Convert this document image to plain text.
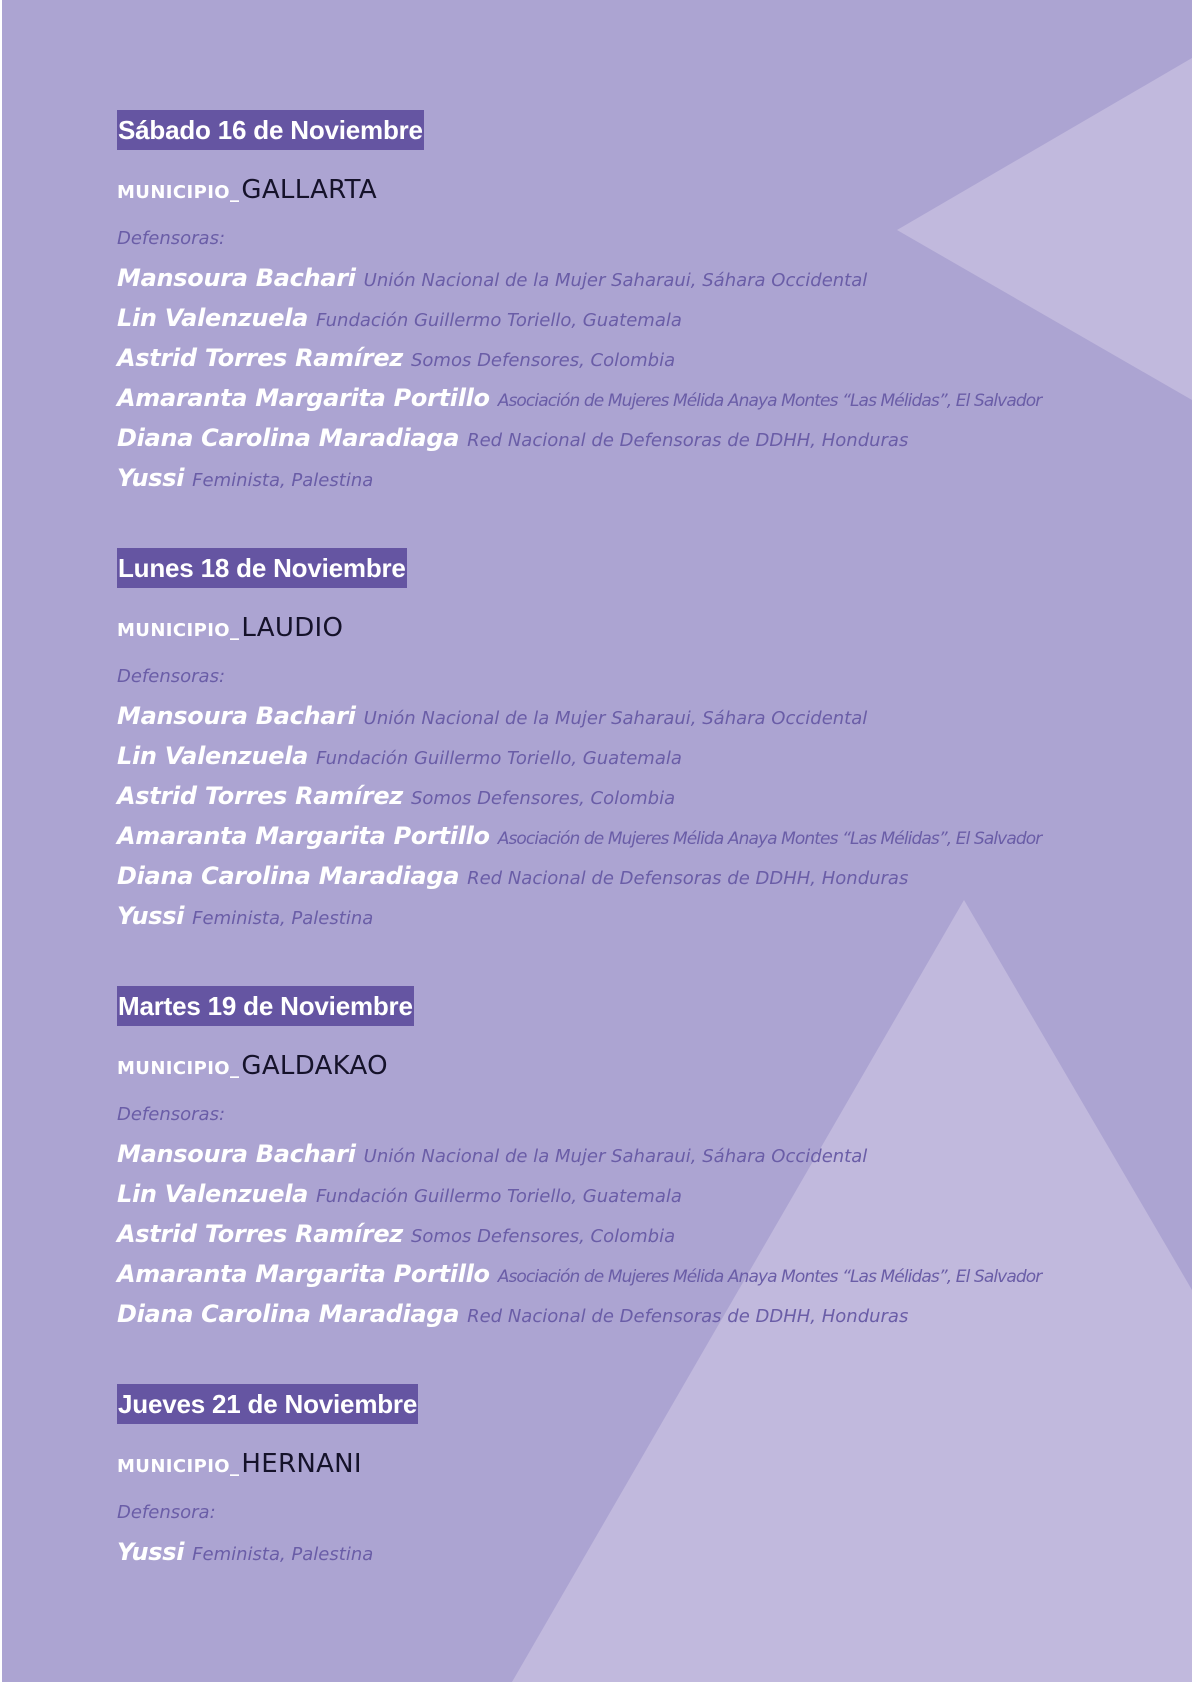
Sábado 16 de Noviembre
MUNICIPIO_GALLARTA
Defensoras:
Mansoura Bachari Unión Nacional de la Mujer Saharaui, Sáhara Occidental
Lin Valenzuela Fundación Guillermo Toriello, Guatemala
Astrid Torres Ramírez Somos Defensores, Colombia
Amaranta Margarita Portillo Asociación de Mujeres Mélida Anaya Montes “Las Mélidas”, El Salvador
Diana Carolina Maradiaga Red Nacional de Defensoras de DDHH, Honduras
Yussi Feminista, Palestina
Lunes 18 de Noviembre
MUNICIPIO_LAUDIO
Defensoras:
Mansoura Bachari Unión Nacional de la Mujer Saharaui, Sáhara Occidental
Lin Valenzuela Fundación Guillermo Toriello, Guatemala
Astrid Torres Ramírez Somos Defensores, Colombia
Amaranta Margarita Portillo Asociación de Mujeres Mélida Anaya Montes “Las Mélidas”, El Salvador
Diana Carolina Maradiaga Red Nacional de Defensoras de DDHH, Honduras
Yussi Feminista, Palestina
Martes 19 de Noviembre
MUNICIPIO_GALDAKAO
Defensoras:
Mansoura Bachari Unión Nacional de la Mujer Saharaui, Sáhara Occidental
Lin Valenzuela Fundación Guillermo Toriello, Guatemala
Astrid Torres Ramírez Somos Defensores, Colombia
Amaranta Margarita Portillo Asociación de Mujeres Mélida Anaya Montes “Las Mélidas”, El Salvador
Diana Carolina Maradiaga Red Nacional de Defensoras de DDHH, Honduras
Jueves 21 de Noviembre
MUNICIPIO_HERNANI
Defensora:
Yussi Feminista, Palestina
